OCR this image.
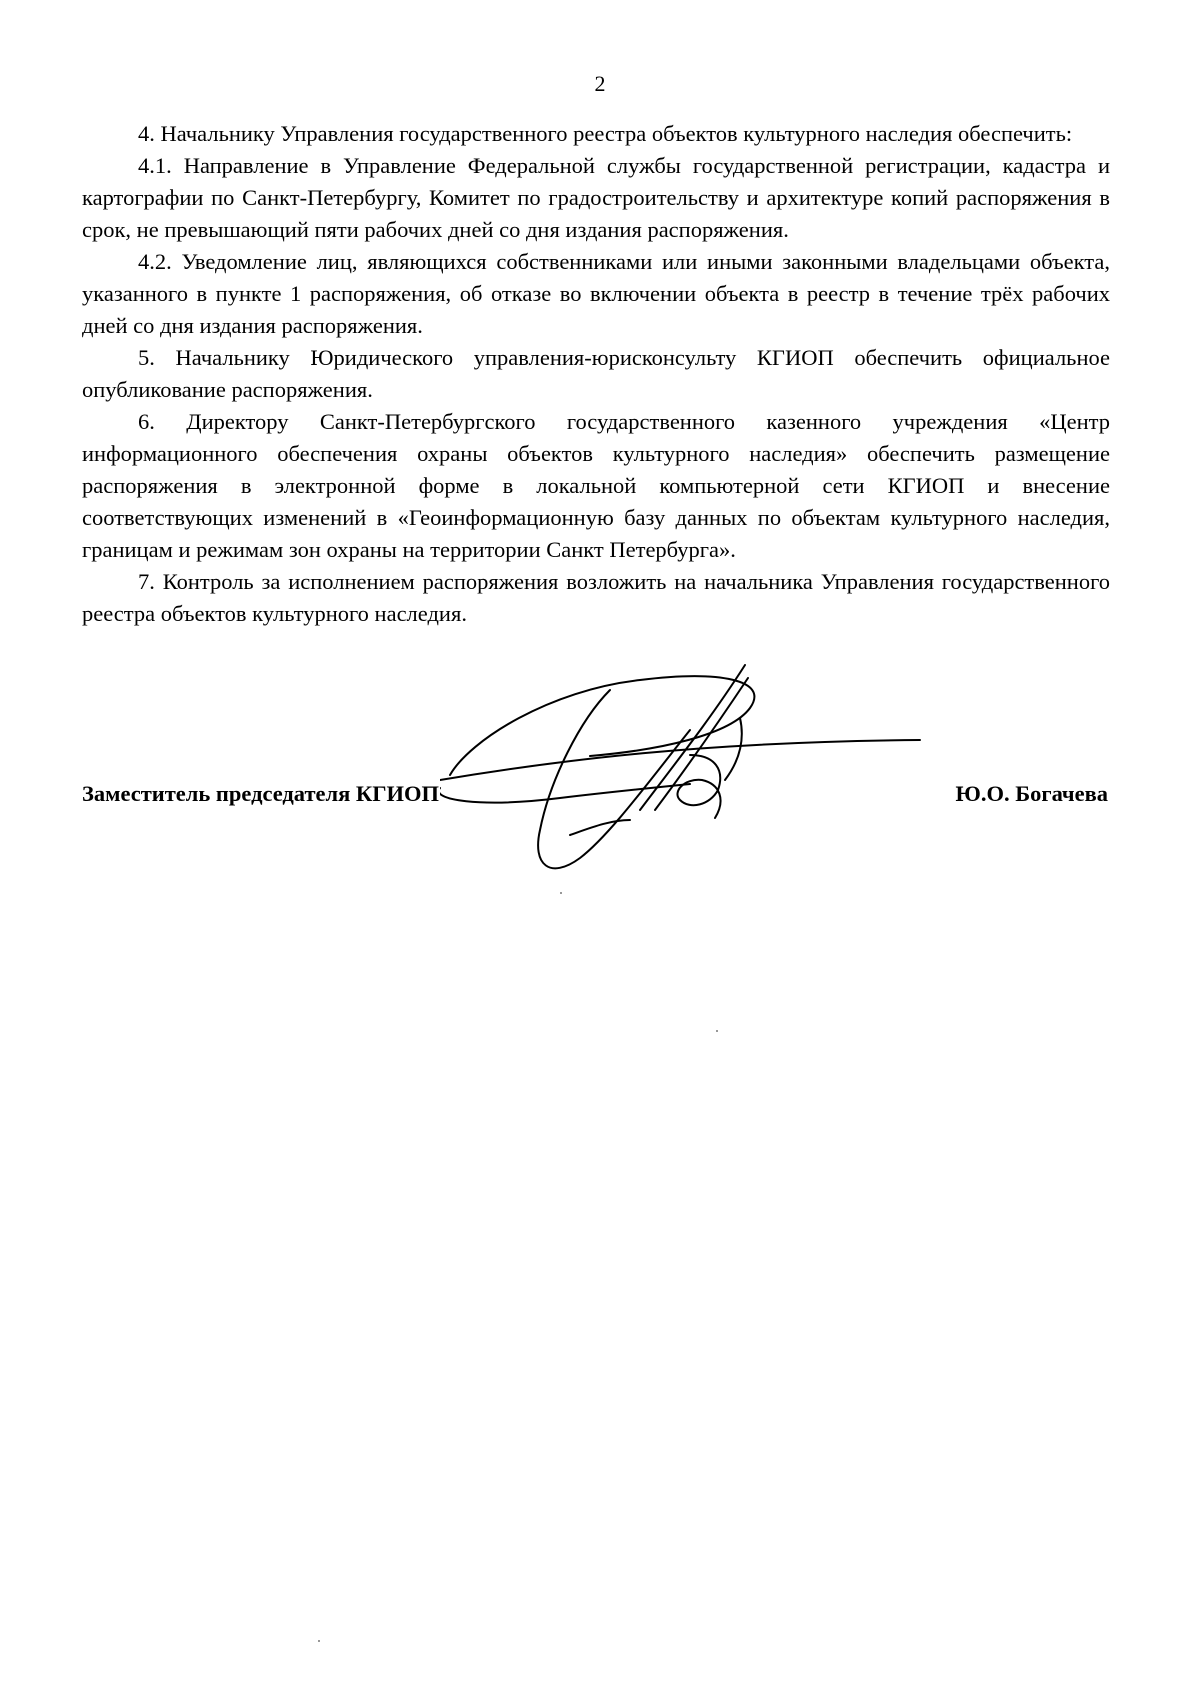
2

4. Начальнику Управления государственного реестра объектов культурного наследия обеспечить:

4.1. Направление в Управление Федеральной службы государственной регистрации, кадастра и картографии по Санкт-Петербургу, Комитет по градостроительству и архитектуре копий распоряжения в срок, не превышающий пяти рабочих дней со дня издания распоряжения.

4.2. Уведомление лиц, являющихся собственниками или иными законными владельцами объекта, указанного в пункте 1 распоряжения, об отказе во включении объекта в реестр в течение трёх рабочих дней со дня издания распоряжения.

5. Начальнику Юридического управления-юрисконсульту КГИОП обеспечить официальное опубликование распоряжения.

6. Директору Санкт-Петербургского государственного казенного учреждения «Центр информационного обеспечения охраны объектов культурного наследия» обеспечить размещение распоряжения в электронной форме в локальной компьютерной сети КГИОП и внесение соответствующих изменений в «Геоинформационную базу данных по объектам культурного наследия, границам и режимам зон охраны на территории Санкт Петербурга».

7. Контроль за исполнением распоряжения возложить на начальника Управления государственного реестра объектов культурного наследия.

Заместитель председателя КГИОП	Ю.О. Богачева
